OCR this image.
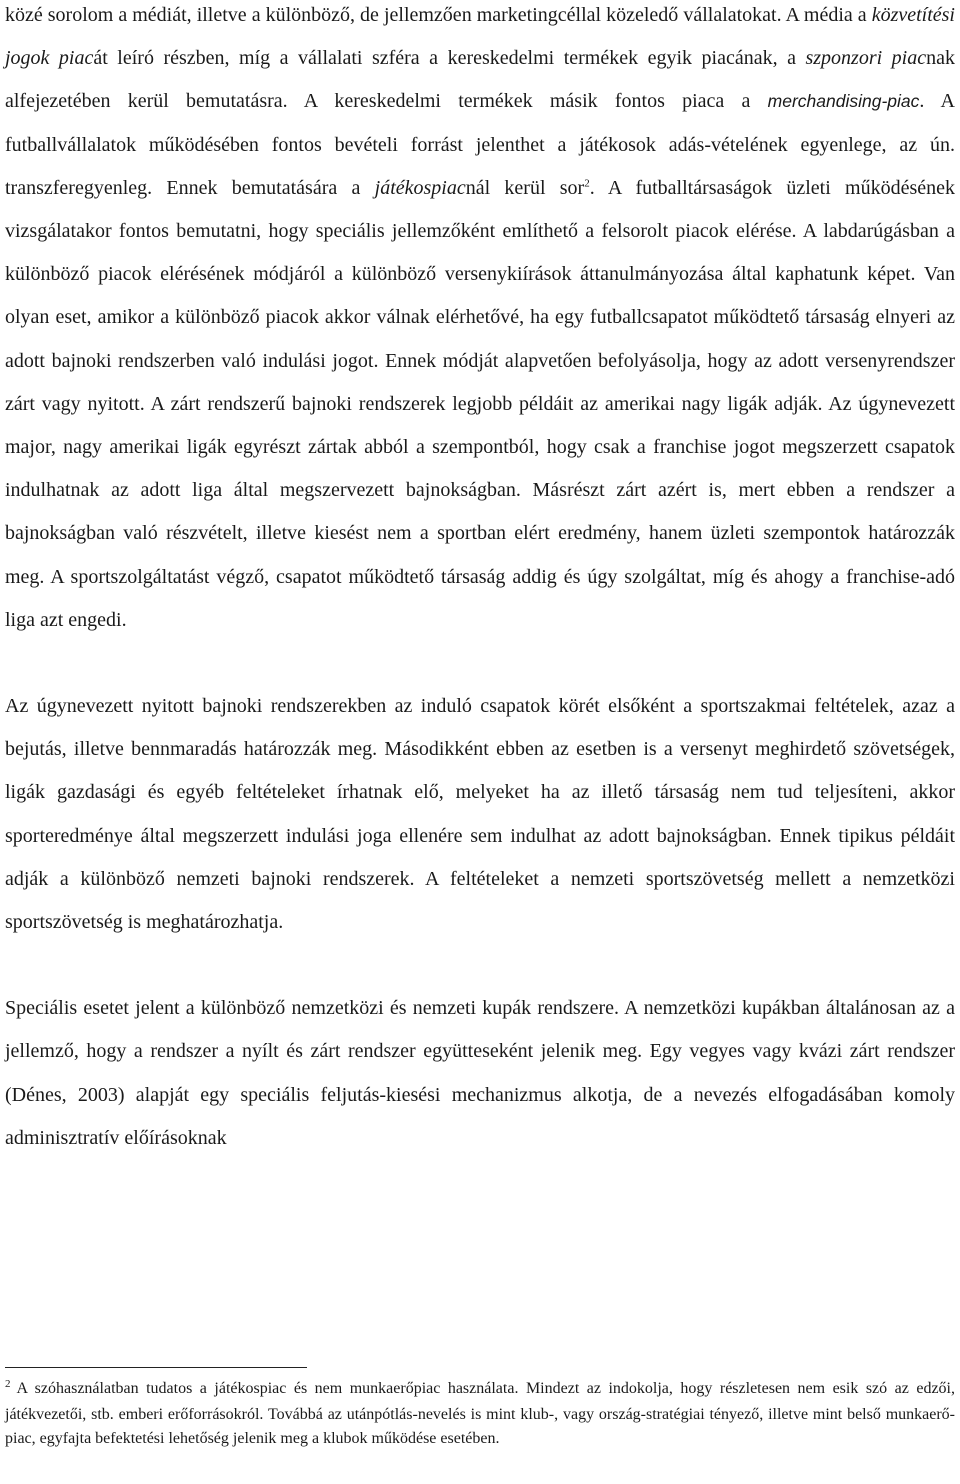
közé sorolom a médiát, illetve a különböző, de jellemzően marketingcéllal közeledő vállalatokat. A média a közvetítési jogok piacát leíró részben, míg a vállalati szféra a kereskedelmi termékek egyik piacának, a szponzori piacnak alfejezetében kerül bemutatásra. A kereskedelmi termékek másik fontos piaca a merchandising-piac. A futballvállalatok működésében fontos bevételi forrást jelenthet a játékosok adás-vételének egyenlege, az ún. transzferegyenleg. Ennek bemutatására a játékospiacnál kerül sor$^2$. A futballtársaságok üzleti működésének vizsgálatakor fontos bemutatni, hogy speciális jellemzőként említhető a felsorolt piacok elérése. A labdarúgásban a különböző piacok elérésének módjáról a különböző versenykiírások áttanulmányozása által kaphatunk képet. Van olyan eset, amikor a különböző piacok akkor válnak elérhetővé, ha egy futballcsapatot működtető társaság elnyeri az adott bajnoki rendszerben való indulási jogot. Ennek módját alapvetően befolyásolja, hogy az adott versenyrendszer zárt vagy nyitott. A zárt rendszerű bajnoki rendszerek legjobb példáit az amerikai nagy ligák adják. Az úgynevezett major, nagy amerikai ligák egyrészt zártak abból a szempontból, hogy csak a franchise jogot megszerzett csapatok indulhatnak az adott liga által megszervezett bajnokságban. Másrészt zárt azért is, mert ebben a rendszer a bajnokságban való részvételt, illetve kiesést nem a sportban elért eredmény, hanem üzleti szempontok határozzák meg. A sportszolgáltatást végző, csapatot működtető társaság addig és úgy szolgáltat, míg és ahogy a franchise-adó liga azt engedi.

Az úgynevezett nyitott bajnoki rendszerekben az induló csapatok körét elsőként a sportszakmai feltételek, azaz a bejutás, illetve bennmaradás határozzák meg. Másodikként ebben az esetben is a versenyt meghirdető szövetségek, ligák gazdasági és egyéb feltételeket írhatnak elő, melyeket ha az illető társaság nem tud teljesíteni, akkor sporteredménye által megszerzett indulási joga ellenére sem indulhat az adott bajnokságban. Ennek tipikus példáit adják a különböző nemzeti bajnoki rendszerek. A feltételeket a nemzeti sportszövetség mellett a nemzetközi sportszövetség is meghatározhatja.

Speciális esetet jelent a különböző nemzetközi és nemzeti kupák rendszere. A nemzetközi kupákban általánosan az a jellemző, hogy a rendszer a nyílt és zárt rendszer együtteseként jelenik meg. Egy vegyes vagy kvázi zárt rendszer (Dénes, 2003) alapját egy speciális feljutás-kiesési mechanizmus alkotja, de a nevezés elfogadásában komoly adminisztratív előírásoknak

$^2$ A szóhasználatban tudatos a játékospiac és nem munkaerőpiac használata. Mindezt az indokolja, hogy részletesen nem esik szó az edzői, játékvezetői, stb. emberi erőforrásokról. Továbbá az utánpótlás-nevelés is mint klub-, vagy ország-stratégiai tényező, illetve mint belső munkaerő-piac, egyfajta befektetési lehetőség jelenik meg a klubok működése esetében.
